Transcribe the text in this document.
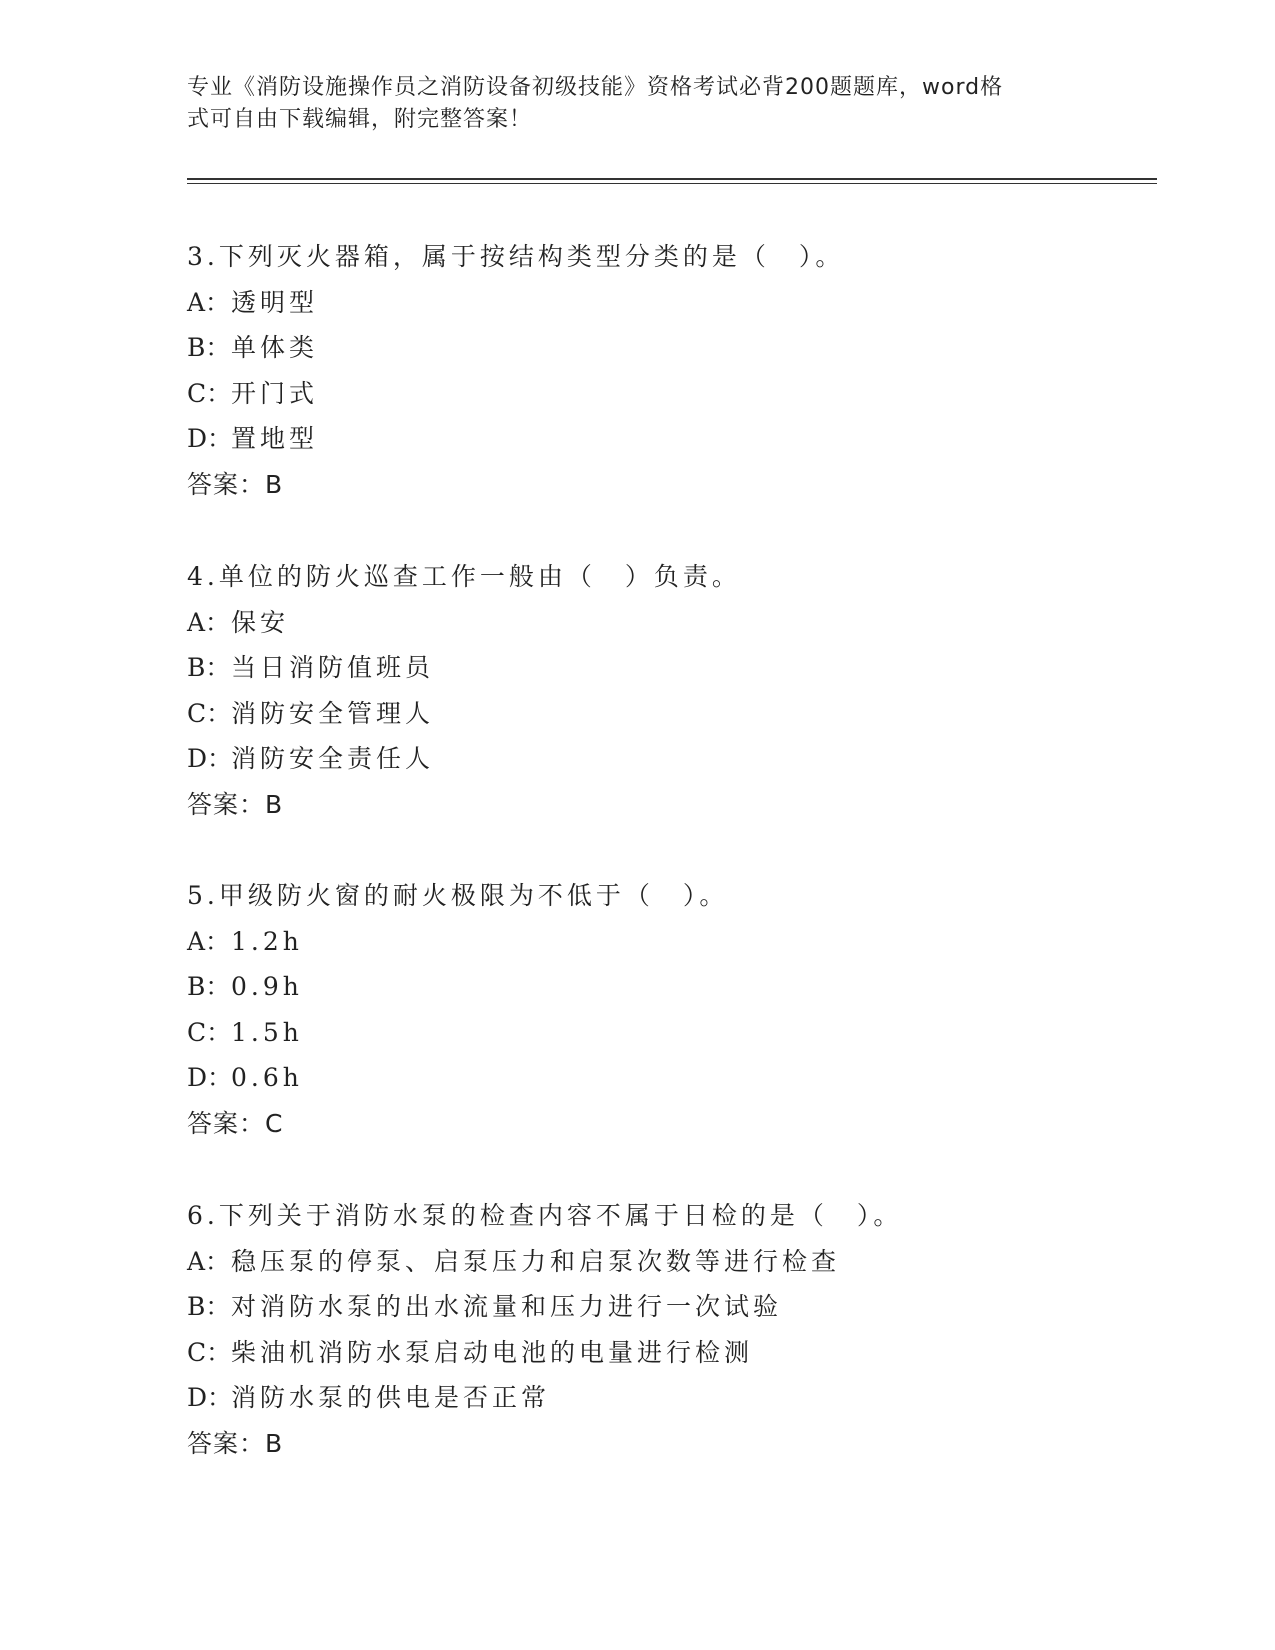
专业《消防设施操作员之消防设备初级技能》资格考试必背200题题库，word格
式可自由下载编辑，附完整答案！
3.下列灭火器箱，属于按结构类型分类的是（　）。
A：透明型
B：单体类
C：开门式
D：置地型
答案：B
4.单位的防火巡查工作一般由（　）负责。
A：保安
B：当日消防值班员
C：消防安全管理人
D：消防安全责任人
答案：B
5.甲级防火窗的耐火极限为不低于（　）。
A：1.2h
B：0.9h
C：1.5h
D：0.6h
答案：C
6.下列关于消防水泵的检查内容不属于日检的是（　）。
A：稳压泵的停泵、启泵压力和启泵次数等进行检查
B：对消防水泵的出水流量和压力进行一次试验
C：柴油机消防水泵启动电池的电量进行检测
D：消防水泵的供电是否正常
答案：B
